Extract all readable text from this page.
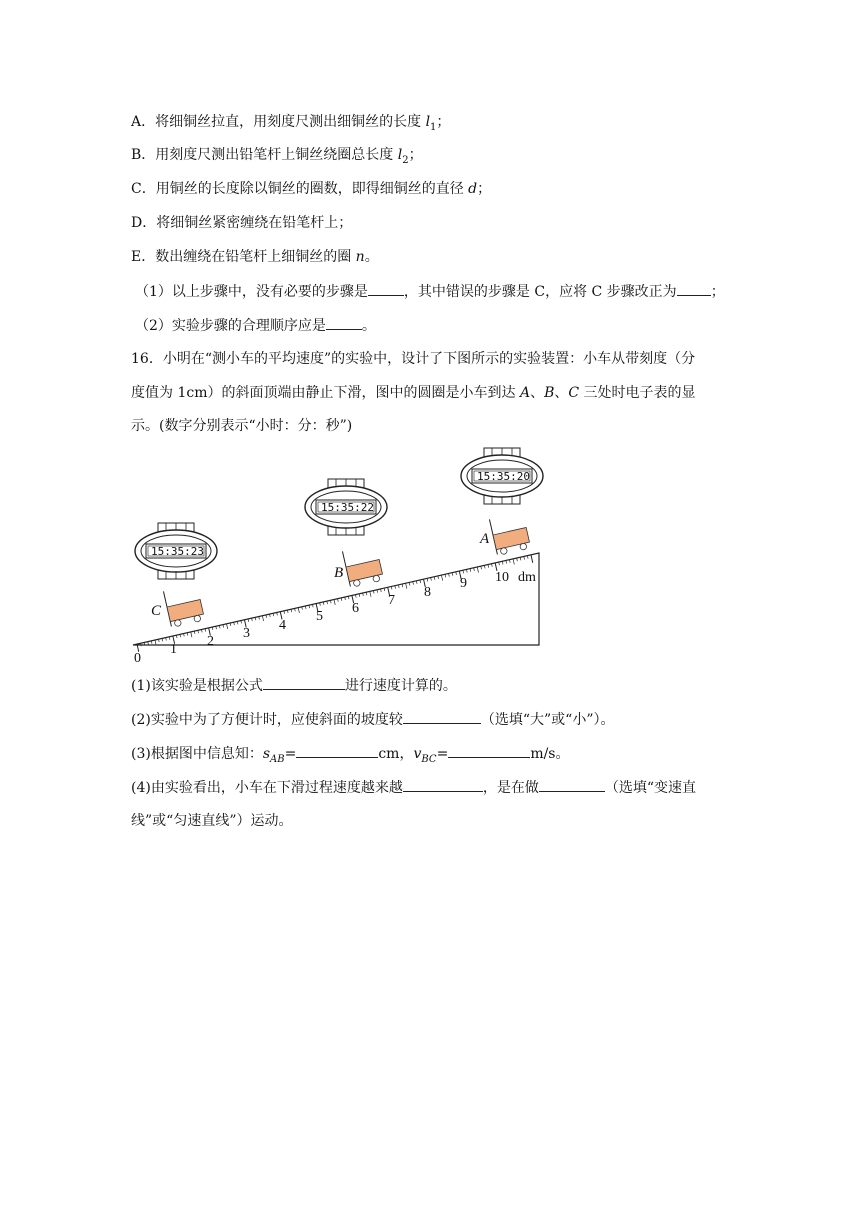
A．将细铜丝拉直，用刻度尺测出细铜丝的长度 $l_1$；
B．用刻度尺测出铅笔杆上铜丝绕圈总长度 $l_2$；
C．用铜丝的长度除以铜丝的圈数，即得细铜丝的直径 d；
D．将细铜丝紧密缠绕在铅笔杆上；
E．数出缠绕在铅笔杆上细铜丝的圈 n。
（1）以上步骤中，没有必要的步骤是	，其中错误的步骤是 C，应将 C 步骤改正为 ；
（2）实验步骤的合理顺序应是	。
16．小明在“测小车的平均速度”的实验中，设计了下图所示的实验装置：小车从带刻度（分
度值为 1cm）的斜面顶端由静止下滑，图中的圆圈是小车到达 A、B、C 三处时电子表的显
示。(数字分别表示“小时：分：秒”)
0
1
2
3
4
5
6
7
8
9 10 dm
C
B
A
15:35:23
15:35:22
15:35:20
(1)该实验是根据公式	进行速度计算的。
(2)实验中为了方便计时，应使斜面的坡度较	（选填“大”或“小”）。
(3)根据图中信息知：$s_{AB}=$	cm，$v_{BC}=$	m/s。
(4)由实验看出，小车在下滑过程速度越来越	，是在做	（选填“变速直
线”或“匀速直线”）运动。
